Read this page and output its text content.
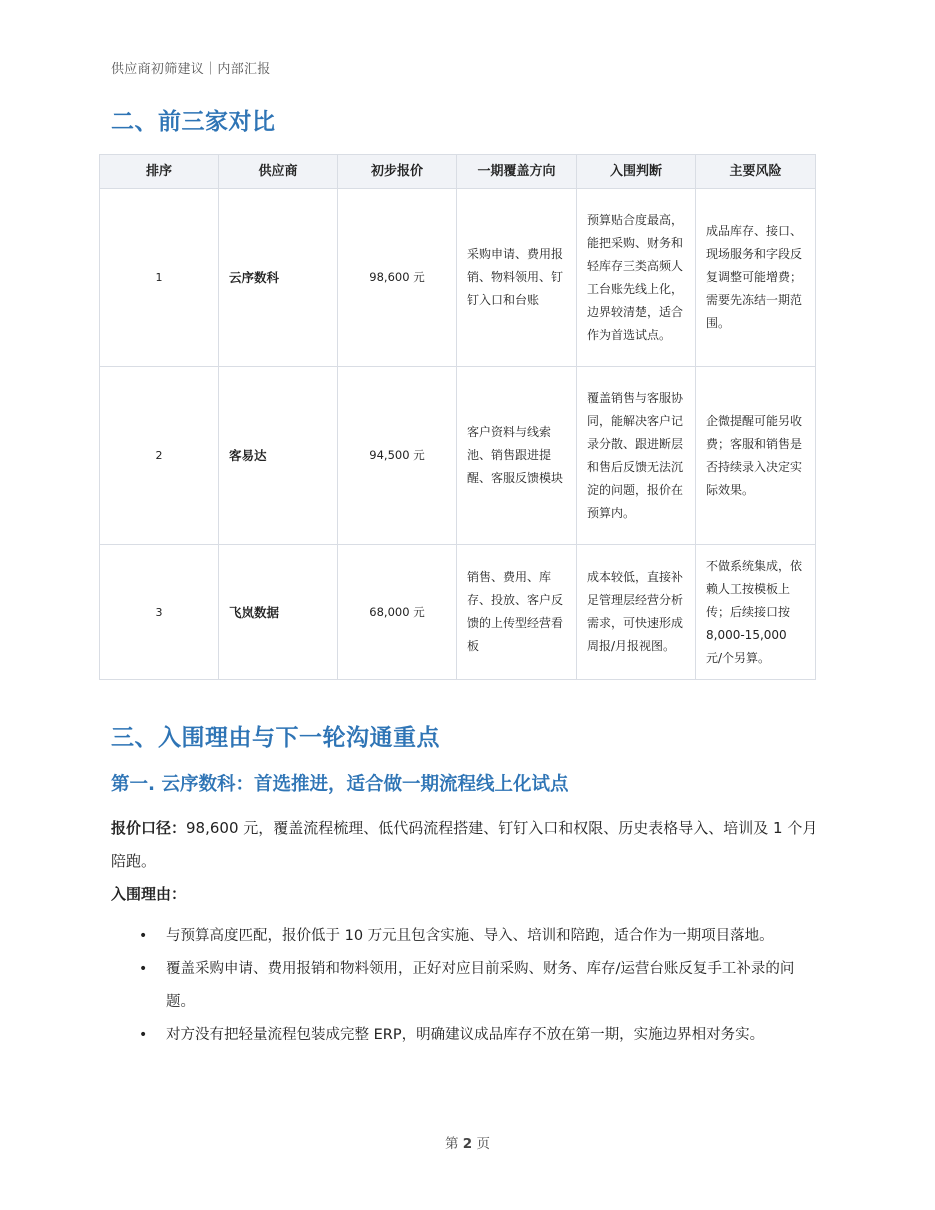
供应商初筛建议｜内部汇报
二、前三家对比
排序	供应商	初步报价	一期覆盖方向	入围判断	主要风险
1	云序数科	98,600 元	采购申请、费用报销、物料领用、钉钉入口和台账	预算贴合度最高，能把采购、财务和轻库存三类高频人工台账先线上化，边界较清楚，适合作为首选试点。	成品库存、接口、现场服务和字段反复调整可能增费；需要先冻结一期范围。
2	客易达	94,500 元	客户资料与线索池、销售跟进提醒、客服反馈模块	覆盖销售与客服协同，能解决客户记录分散、跟进断层和售后反馈无法沉淀的问题，报价在预算内。	企微提醒可能另收费；客服和销售是否持续录入决定实际效果。
3	飞岚数据	68,000 元	销售、费用、库存、投放、客户反馈的上传型经营看板	成本较低，直接补足管理层经营分析需求，可快速形成周报/月报视图。	不做系统集成，依赖人工按模板上传；后续接口按 8,000-15,000 元/个另算。
三、入围理由与下一轮沟通重点
第一. 云序数科：首选推进，适合做一期流程线上化试点

报价口径：98,600 元，覆盖流程梳理、低代码流程搭建、钉钉入口和权限、历史表格导入、培训及 1 个月陪跑。

入围理由：

• 与预算高度匹配，报价低于 10 万元且包含实施、导入、培训和陪跑，适合作为一期项目落地。
• 覆盖采购申请、费用报销和物料领用，正好对应目前采购、财务、库存/运营台账反复手工补录的问题。
• 对方没有把轻量流程包装成完整 ERP，明确建议成品库存不放在第一期，实施边界相对务实。
第 2 页
